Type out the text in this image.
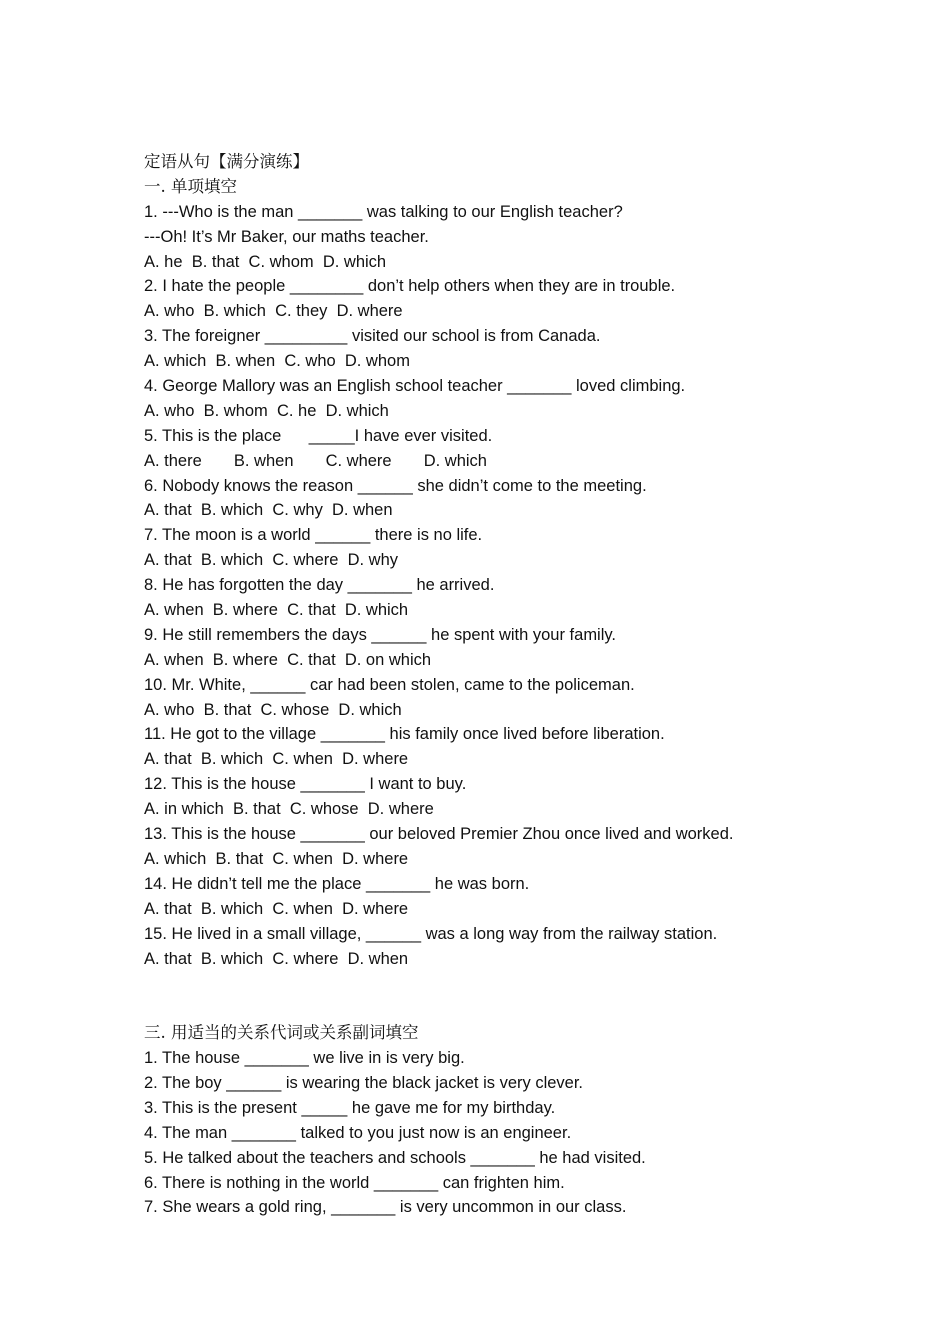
定语从句【满分演练】
一. 单项填空
1. ---Who is the man _______ was talking to our English teacher?
---Oh! It’s Mr Baker, our maths teacher.
A. he  B. that  C. whom  D. which
2. I hate the people ________ don’t help others when they are in trouble.
A. who  B. which  C. they  D. where
3. The foreigner _________ visited our school is from Canada.
A. which  B. when  C. who  D. whom
4. George Mallory was an English school teacher _______ loved climbing.
A. who  B. whom  C. he  D. which
5. This is the place      _____I have ever visited.
A. there       B. when       C. where       D. which
6. Nobody knows the reason ______ she didn’t come to the meeting.
A. that  B. which  C. why  D. when
7. The moon is a world ______ there is no life.
A. that  B. which  C. where  D. why
8. He has forgotten the day _______ he arrived.
A. when  B. where  C. that  D. which
9. He still remembers the days ______ he spent with your family.
A. when  B. where  C. that  D. on which
10. Mr. White, ______ car had been stolen, came to the policeman.
A. who  B. that  C. whose  D. which
11. He got to the village _______ his family once lived before liberation.
A. that  B. which  C. when  D. where
12. This is the house _______ I want to buy.
A. in which  B. that  C. whose  D. where
13. This is the house _______ our beloved Premier Zhou once lived and worked.
A. which  B. that  C. when  D. where
14. He didn’t tell me the place _______ he was born.
A. that  B. which  C. when  D. where
15. He lived in a small village, ______ was a long way from the railway station.
A. that  B. which  C. where  D. when
三. 用适当的关系代词或关系副词填空
1. The house _______ we live in is very big.
2. The boy ______ is wearing the black jacket is very clever.
3. This is the present _____ he gave me for my birthday.
4. The man _______ talked to you just now is an engineer.
5. He talked about the teachers and schools _______ he had visited.
6. There is nothing in the world _______ can frighten him.
7. She wears a gold ring, _______ is very uncommon in our class.
